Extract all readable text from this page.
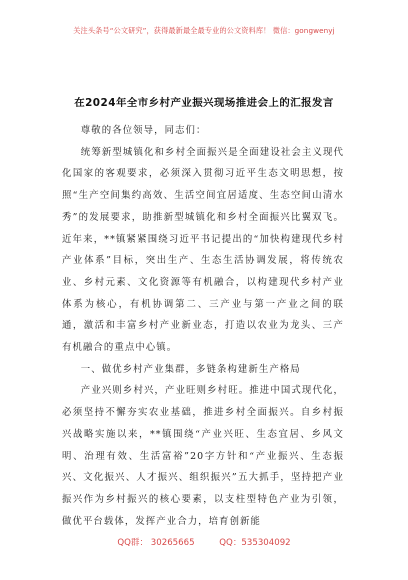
关注头条号“公文研究”，获得最新最全最专业的公文资料库！ 微信：gongwenyj
在2024年全市乡村产业振兴现场推进会上的汇报发言

尊敬的各位领导，同志们：

统筹新型城镇化和乡村全面振兴是全面建设社会主义现代化国家的客观要求，必须深入贯彻习近平生态文明思想，按照“生产空间集约高效、生活空间宜居适度、生态空间山清水秀”的发展要求，助推新型城镇化和乡村全面振兴比翼双飞。近年来，**镇紧紧围绕习近平书记提出的“加快构建现代乡村产业体系”目标，突出生产、生态生活协调发展，将传统农业、乡村元素、文化资源等有机融合，以构建现代乡村产业体系为核心，有机协调第二、三产业与第一产业之间的联通，激活和丰富乡村产业新业态，打造以农业为龙头、三产有机融合的重点中心镇。

一、做优乡村产业集群，多链条构建新生产格局

产业兴则乡村兴，产业旺则乡村旺。推进中国式现代化，必须坚持不懈夯实农业基础，推进乡村全面振兴。自乡村振兴战略实施以来，**镇围绕“产业兴旺、生态宜居、乡风文明、治理有效、生活富裕”20字方针和“产业振兴、生态振兴、文化振兴、人才振兴、组织振兴”五大抓手，坚持把产业振兴作为乡村振兴的核心要素，以支柱型特色产业为引领，做优平台载体，发挥产业合力，培育创新能

QQ群： 30265665	QQ：535304092
